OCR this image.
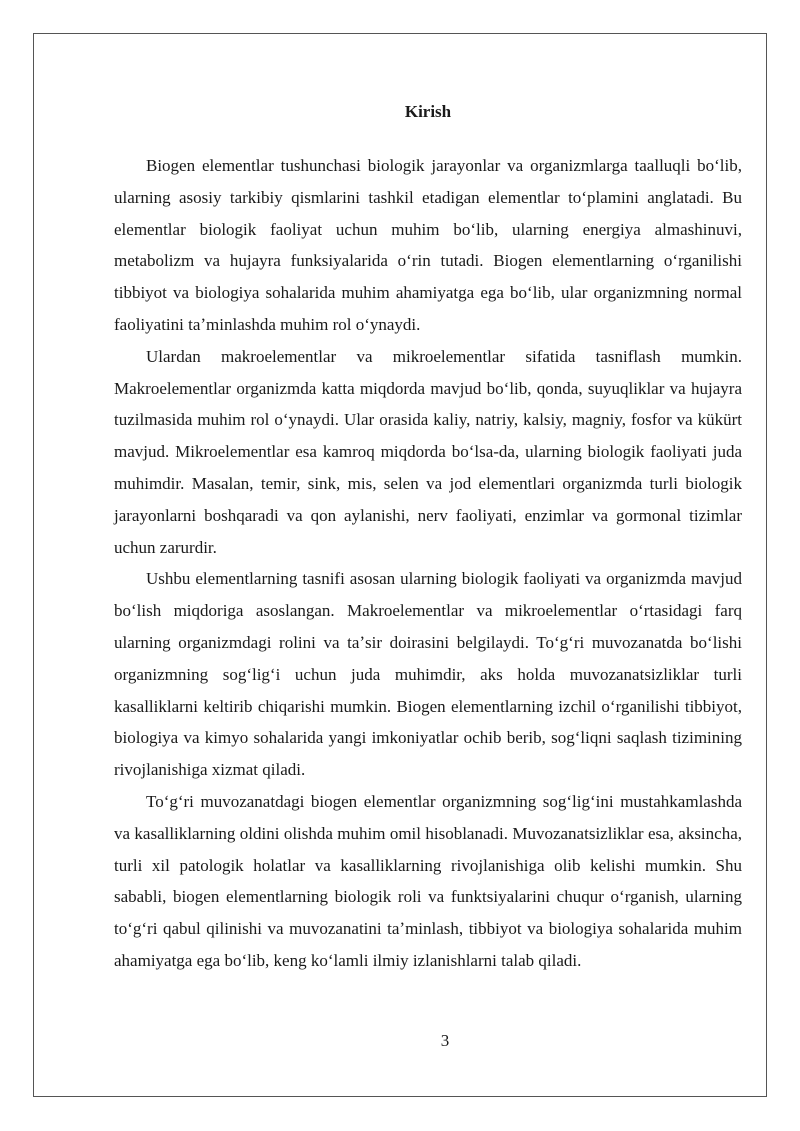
Kirish

Biogen elementlar tushunchasi biologik jarayonlar va organizmlarga taalluqli boʻlib, ularning asosiy tarkibiy qismlarini tashkil etadigan elementlar toʻplamini anglatadi. Bu elementlar biologik faoliyat uchun muhim boʻlib, ularning energiya almashinuvi, metabolizm va hujayra funksiyalarida oʻrin tutadi. Biogen elementlarning oʻrganilishi tibbiyot va biologiya sohalarida muhim ahamiyatga ega boʻlib, ular organizmning normal faoliyatini taʼminlashda muhim rol oʻynaydi.

Ulardan makroelementlar va mikroelementlar sifatida tasniflash mumkin. Makroelementlar organizmda katta miqdorda mavjud boʻlib, qonda, suyuqliklar va hujayra tuzilmasida muhim rol oʻynaydi. Ular orasida kaliy, natriy, kalsiy, magniy, fosfor va kükürt mavjud. Mikroelementlar esa kamroq miqdorda boʻlsa-da, ularning biologik faoliyati juda muhimdir. Masalan, temir, sink, mis, selen va jod elementlari organizmda turli biologik jarayonlarni boshqaradi va qon aylanishi, nerv faoliyati, enzimlar va gormonal tizimlar uchun zarurdir.

Ushbu elementlarning tasnifi asosan ularning biologik faoliyati va organizmda mavjud boʻlish miqdoriga asoslangan. Makroelementlar va mikroelementlar oʻrtasidagi farq ularning organizmdagi rolini va taʼsir doirasini belgilaydi. Toʻgʻri muvozanatda boʻlishi organizmning sogʻligʻi uchun juda muhimdir, aks holda muvozanatsizliklar turli kasalliklarni keltirib chiqarishi mumkin. Biogen elementlarning izchil oʻrganilishi tibbiyot, biologiya va kimyo sohalarida yangi imkoniyatlar ochib berib, sogʻliqni saqlash tizimining rivojlanishiga xizmat qiladi.

Toʻgʻri muvozanatdagi biogen elementlar organizmning sogʻligʻini mustahkamlashda va kasalliklarning oldini olishda muhim omil hisoblanadi. Muvozanatsizliklar esa, aksincha, turli xil patologik holatlar va kasalliklarning rivojlanishiga olib kelishi mumkin. Shu sababli, biogen elementlarning biologik roli va funktsiyalarini chuqur oʻrganish, ularning toʻgʻri qabul qilinishi va muvozanatini taʼminlash, tibbiyot va biologiya sohalarida muhim ahamiyatga ega boʻlib, keng koʻlamli ilmiy izlanishlarni talab qiladi.

3
